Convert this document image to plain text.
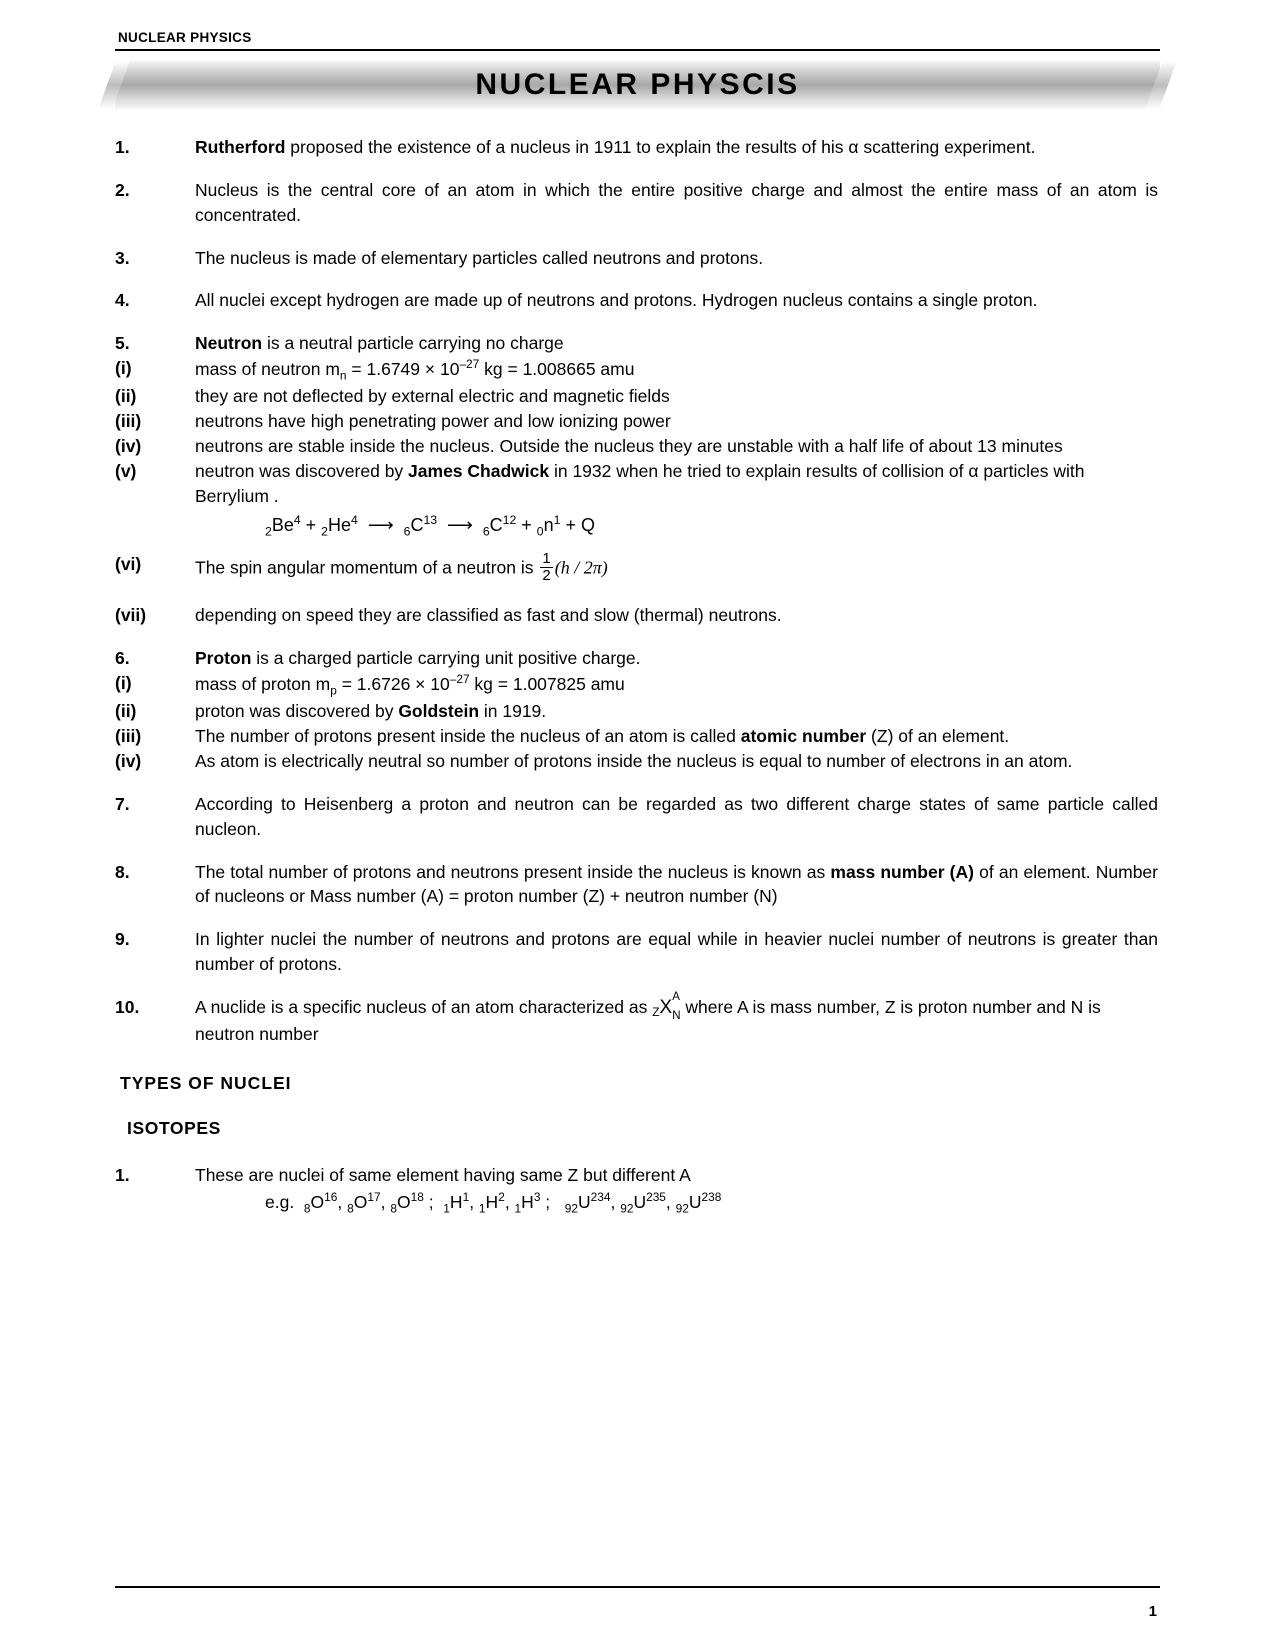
NUCLEAR PHYSICS
NUCLEAR PHYSCIS
1.	Rutherford proposed the existence of a nucleus in 1911 to explain the results of his α scattering experiment.
2.	Nucleus is the central core of an atom in which the entire positive charge and almost the entire mass of an atom is concentrated.
3.	The nucleus is made of elementary particles called neutrons and protons.
4.	All nuclei except hydrogen are made up of neutrons and protons. Hydrogen nucleus contains a single proton.
5.	Neutron is a neutral particle carrying no charge
(i)	mass of neutron $m_n = 1.6749 \times 10^{-27}$ kg = 1.008665 amu
(ii)	they are not deflected by external electric and magnetic fields
(iii)	neutrons have high penetrating power and low ionizing power
(iv)	neutrons are stable inside the nucleus. Outside the nucleus they are unstable with a half life of about 13 minutes
(v)	neutron was discovered by James Chadwick in 1932 when he tried to explain results of collision of α particles with Berrylium .
$_2Be^4 + _2He^4$  ⟶  $_6C^{13}$  ⟶  $_6C^{12} + _0n^1 + Q$
(vi)	The spin angular momentum of a neutron is $\frac{1}{2} (h / 2\pi)$
(vii)	depending on speed they are classified as fast and slow (thermal) neutrons.
6.	Proton is a charged particle carrying unit positive charge.
(i)	mass of proton $m_p = 1.6726 \times 10^{-27}$ kg = 1.007825 amu
(ii)	proton was discovered by Goldstein in 1919.
(iii)	The number of protons present inside the nucleus of an atom is called atomic number (Z) of an element.
(iv)	As atom is electrically neutral so number of protons inside the nucleus is equal to number of electrons in an atom.
7.	According to Heisenberg a proton and neutron can be regarded as two different charge states of same particle called nucleon.
8.	The total number of protons and neutrons present inside the nucleus is known as mass number (A) of an element. Number of nucleons or Mass number (A) = proton number (Z) + neutron number (N)
9.	In lighter nuclei the number of neutrons and protons are equal while in heavier nuclei number of neutrons is greater than number of protons.
10.	A nuclide is a specific nucleus of an atom characterized as ZX
A
N where A is mass number, Z is proton number and N is neutron number
TYPES OF NUCLEI
ISOTOPES
1.	These are nuclei of same element having same Z but different A
e.g.  $_8O^{16}$, $_8O^{17}$, $_8O^{18}$ ;  $_1H^1$, $_1H^2$, $_1H^3$ ;   $_{92}U^{234}$, $_{92}U^{235}$, $_{92}U^{238}$
1
